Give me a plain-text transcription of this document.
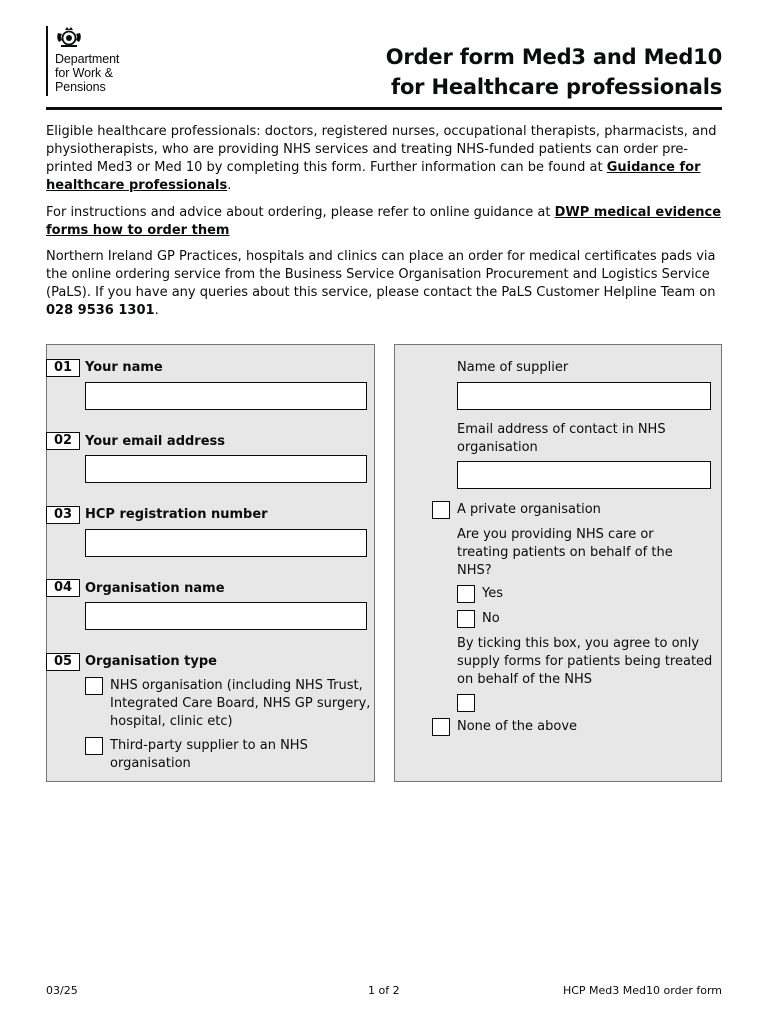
Department
for Work &
Pensions
Order form Med3 and Med10
for Healthcare professionals

Eligible healthcare professionals: doctors, registered nurses, occupational therapists, pharmacists, and physiotherapists, who are providing NHS services and treating NHS-funded patients can order pre-printed Med3 or Med 10 by completing this form. Further information can be found at Guidance for healthcare professionals.

For instructions and advice about ordering, please refer to online guidance at DWP medical evidence forms how to order them

Northern Ireland GP Practices, hospitals and clinics can place an order for medical certificates pads via the online ordering service from the Business Service Organisation Procurement and Logistics Service (PaLS). If you have any queries about this service, please contact the PaLS Customer Helpline Team on 028 9536 1301.

01 Your name
02 Your email address
03 HCP registration number
04 Organisation name
05 Organisation type
NHS organisation (including NHS Trust, Integrated Care Board, NHS GP surgery, hospital, clinic etc)
Third-party supplier to an NHS organisation
Name of supplier
Email address of contact in NHS organisation
A private organisation
Are you providing NHS care or treating patients on behalf of the NHS?
Yes
No
By ticking this box, you agree to only supply forms for patients being treated on behalf of the NHS
None of the above
03/25	1 of 2	HCP Med3 Med10 order form
